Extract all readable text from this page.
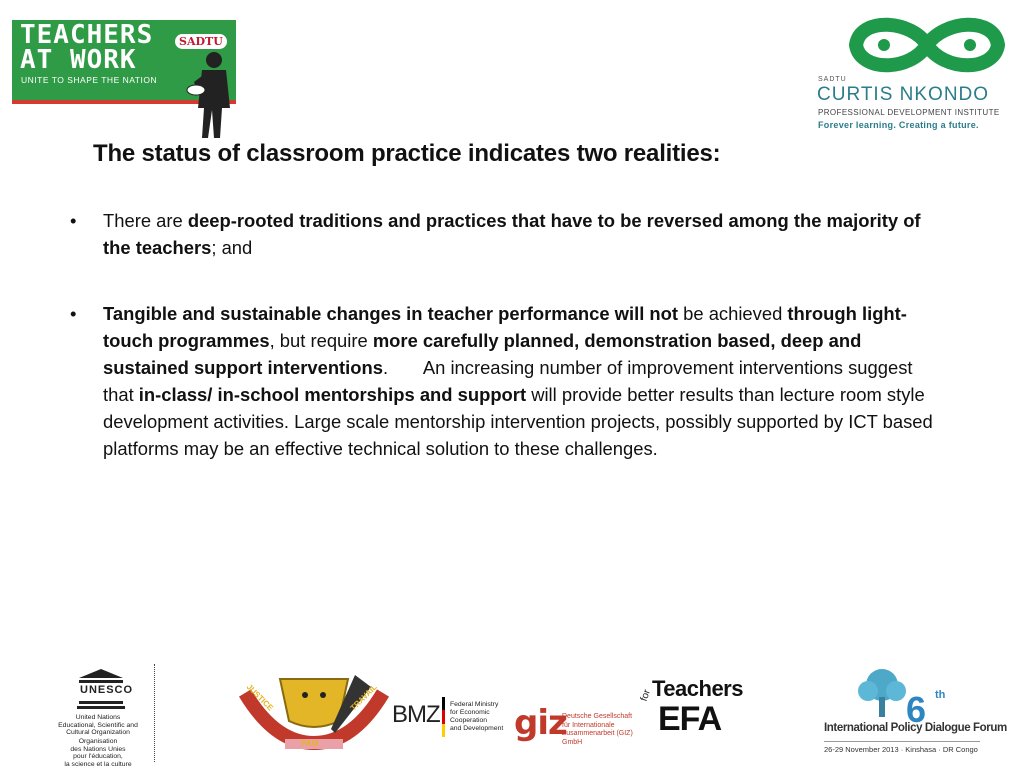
TEACHERS
AT WORK
UNITE TO SHAPE THE NATION
SADTU
SADTU
CURTIS NKONDO
PROFESSIONAL DEVELOPMENT INSTITUTE
Forever learning. Creating a future.
The status of classroom practice indicates two realities:
• There are deep-rooted traditions and practices that have to be reversed among the majority of the teachers; and
• Tangible and sustainable changes in teacher performance will not be achieved through light-touch programmes, but require more carefully planned, demonstration based, deep and sustained support interventions.       An increasing number of improvement interventions suggest that in-class/ in-school mentorships and support will provide better results than lecture room style development activities. Large scale mentorship intervention projects, possibly supported by ICT based platforms may be an effective technical solution to these challenges.
UNESCO
United Nations
Educational, Scientific and
Cultural Organization
Organisation
des Nations Unies
pour l'éducation,
la science et la culture
JUSTICE
PAIX
TRAVAIL
BMZ Federal Ministry
for Economic Cooperation
and Development giz
Deutsche Gesellschaft
für Internationale
Zusammenarbeit (GIZ) GmbH
for
Teachers
EFA	6 th
International Policy Dialogue Forum
26-29 November 2013 · Kinshasa · DR Congo
